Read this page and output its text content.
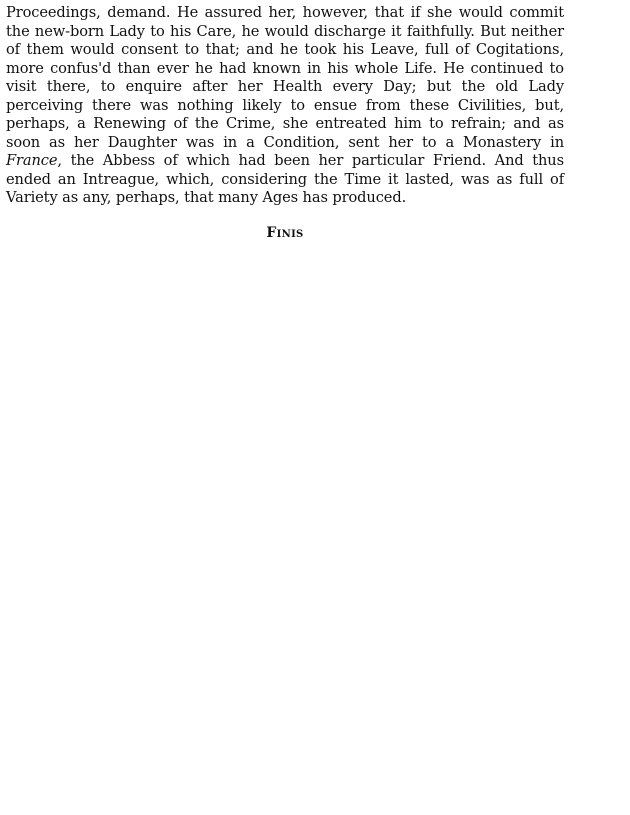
Proceedings, demand. He assured her, however, that if she would commit the new-born Lady to his Care, he would discharge it faithfully. But neither of them would consent to that; and he took his Leave, full of Cogitations, more confus'd than ever he had known in his whole Life. He continued to visit there, to enquire after her Health every Day; but the old Lady perceiving there was nothing likely to ensue from these Civilities, but, perhaps, a Renewing of the Crime, she entreated him to refrain; and as soon as her Daughter was in a Condition, sent her to a Monastery in France, the Abbess of which had been her particular Friend. And thus ended an Intreague, which, considering the Time it lasted, was as full of Variety as any, perhaps, that many Ages has produced.

Finis
